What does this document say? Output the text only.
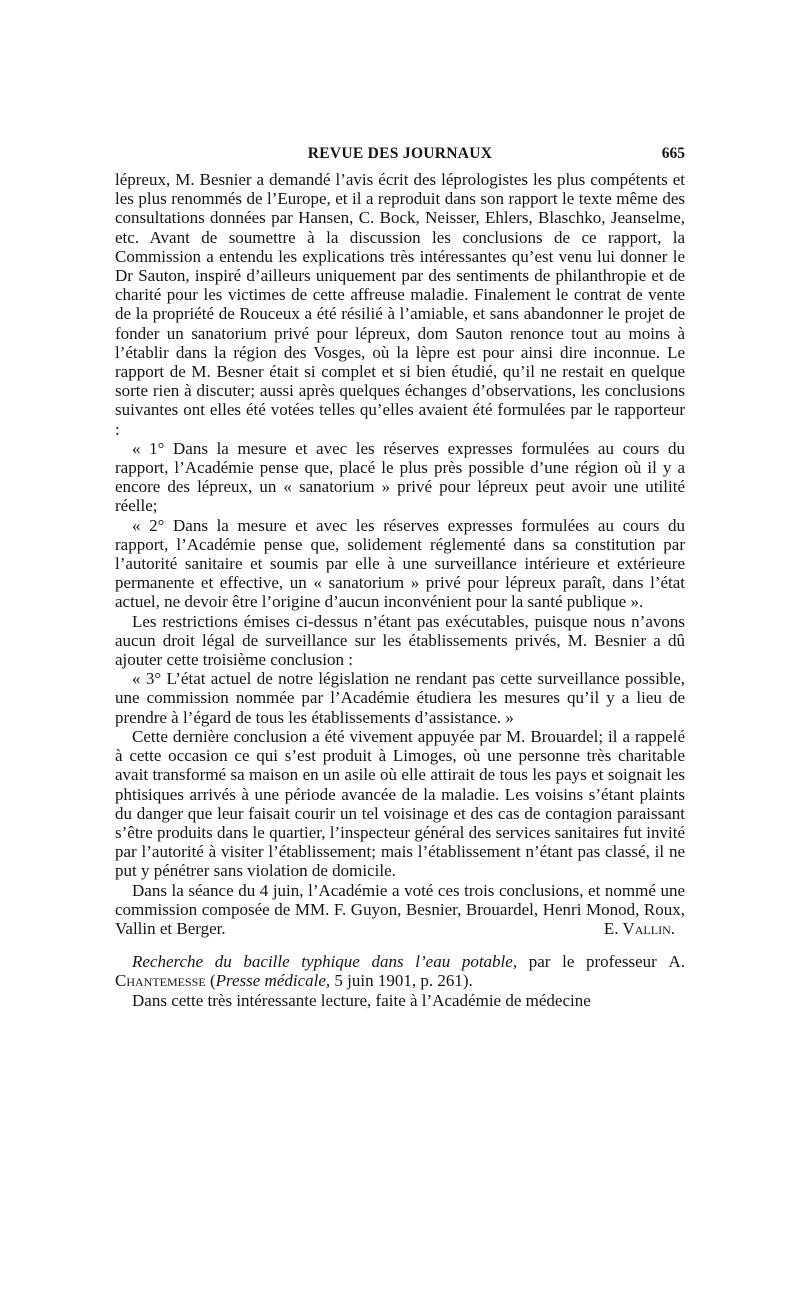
REVUE DES JOURNAUX	665

lépreux, M. Besnier a demandé l’avis écrit des léprologistes les plus compétents et les plus renommés de l’Europe, et il a reproduit dans son rapport le texte même des consultations données par Hansen, C. Bock, Neisser, Ehlers, Blaschko, Jeanselme, etc. Avant de soumettre à la discussion les conclusions de ce rapport, la Commission a entendu les explications très intéressantes qu’est venu lui donner le Dr Sauton, inspiré d’ailleurs uniquement par des sentiments de philanthropie et de charité pour les victimes de cette affreuse maladie. Finalement le contrat de vente de la propriété de Rouceux a été résilié à l’amiable, et sans abandonner le projet de fonder un sanatorium privé pour lépreux, dom Sauton renonce tout au moins à l’établir dans la région des Vosges, où la lèpre est pour ainsi dire inconnue. Le rapport de M. Besner était si complet et si bien étudié, qu’il ne restait en quelque sorte rien à discuter; aussi après quelques échanges d’observations, les conclusions suivantes ont elles été votées telles qu’elles avaient été formulées par le rapporteur :

« 1° Dans la mesure et avec les réserves expresses formulées au cours du rapport, l’Académie pense que, placé le plus près possible d’une région où il y a encore des lépreux, un « sanatorium » privé pour lépreux peut avoir une utilité réelle;

« 2° Dans la mesure et avec les réserves expresses formulées au cours du rapport, l’Académie pense que, solidement réglementé dans sa constitution par l’autorité sanitaire et soumis par elle à une surveillance intérieure et extérieure permanente et effective, un « sanatorium » privé pour lépreux paraît, dans l’état actuel, ne devoir être l’origine d’aucun inconvénient pour la santé publique ».

Les restrictions émises ci-dessus n’étant pas exécutables, puisque nous n’avons aucun droit légal de surveillance sur les établissements privés, M. Besnier a dû ajouter cette troisième conclusion :

« 3° L’état actuel de notre législation ne rendant pas cette surveillance possible, une commission nommée par l’Académie étudiera les mesures qu’il y a lieu de prendre à l’égard de tous les établissements d’assistance. »

Cette dernière conclusion a été vivement appuyée par M. Brouardel; il a rappelé à cette occasion ce qui s’est produit à Limoges, où une personne très charitable avait transformé sa maison en un asile où elle attirait de tous les pays et soignait les phtisiques arrivés à une période avancée de la maladie. Les voisins s’étant plaints du danger que leur faisait courir un tel voisinage et des cas de contagion paraissant s’être produits dans le quartier, l’inspecteur général des services sanitaires fut invité par l’autorité à visiter l’établissement; mais l’établissement n’étant pas classé, il ne put y pénétrer sans violation de domicile.

Dans la séance du 4 juin, l’Académie a voté ces trois conclusions, et nommé une commission composée de MM. F. Guyon, Besnier, Brouardel, Henri Monod, Roux, Vallin et Berger.	E. Vallin.

Recherche du bacille typhique dans l’eau potable, par le professeur A. Chantemesse (Presse médicale, 5 juin 1901, p. 261).

Dans cette très intéressante lecture, faite à l’Académie de médecine
